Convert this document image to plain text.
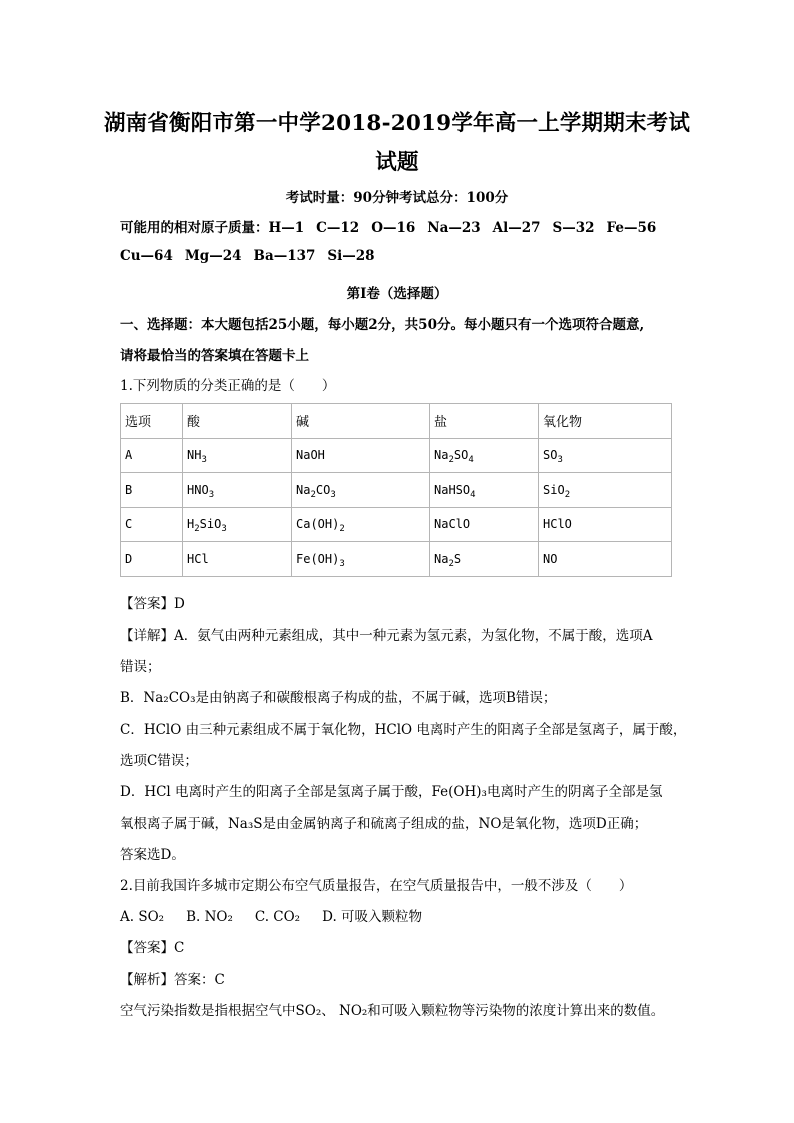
湖南省衡阳市第一中学2018-2019学年高一上学期期末考试
试题
考试时量：90分钟考试总分：100分
可能用的相对原子质量：H—1 C—12 O—16 Na—23 Al—27 S—32 Fe—56
Cu—64 Mg—24 Ba—137 Si—28
第Ⅰ卷（选择题）
一、选择题：本大题包括25小题，每小题2分，共50分。每小题只有一个选项符合题意,
请将最恰当的答案填在答题卡上
1.下列物质的分类正确的是（　　）
选项	酸	碱	盐	氧化物
A	$NH_3$	NaOH	$Na_2SO_4$	$SO_3$
B	$HNO_3$	$Na_2CO_3$	NaHSO$_4$	SiO$_2$
C	$H_2SiO_3$	$Ca(OH)_2$	NaClO	HClO
D	HCl	$Fe(OH)_3$	$Na_2S$	NO
【答案】D
【详解】A．氨气由两种元素组成，其中一种元素为氢元素，为氢化物，不属于酸，选项A
错误；
B．Na₂CO₃是由钠离子和碳酸根离子构成的盐，不属于碱，选项B错误；
C．HClO 由三种元素组成不属于氧化物，HClO 电离时产生的阳离子全部是氢离子，属于酸，
选项C错误；
D．HCl 电离时产生的阳离子全部是氢离子属于酸，Fe(OH)₃电离时产生的阴离子全部是氢
氧根离子属于碱，Na₃S是由金属钠离子和硫离子组成的盐，NO是氧化物，选项D正确；
答案选D。
2.目前我国许多城市定期公布空气质量报告，在空气质量报告中，一般不涉及（　　）
A. SO₂ B. NO₂ C. CO₂ D. 可吸入颗粒物
【答案】C
【解析】答案：C
空气污染指数是指根据空气中SO₂、 NO₂和可吸入颗粒物等污染物的浓度计算出来的数值。
